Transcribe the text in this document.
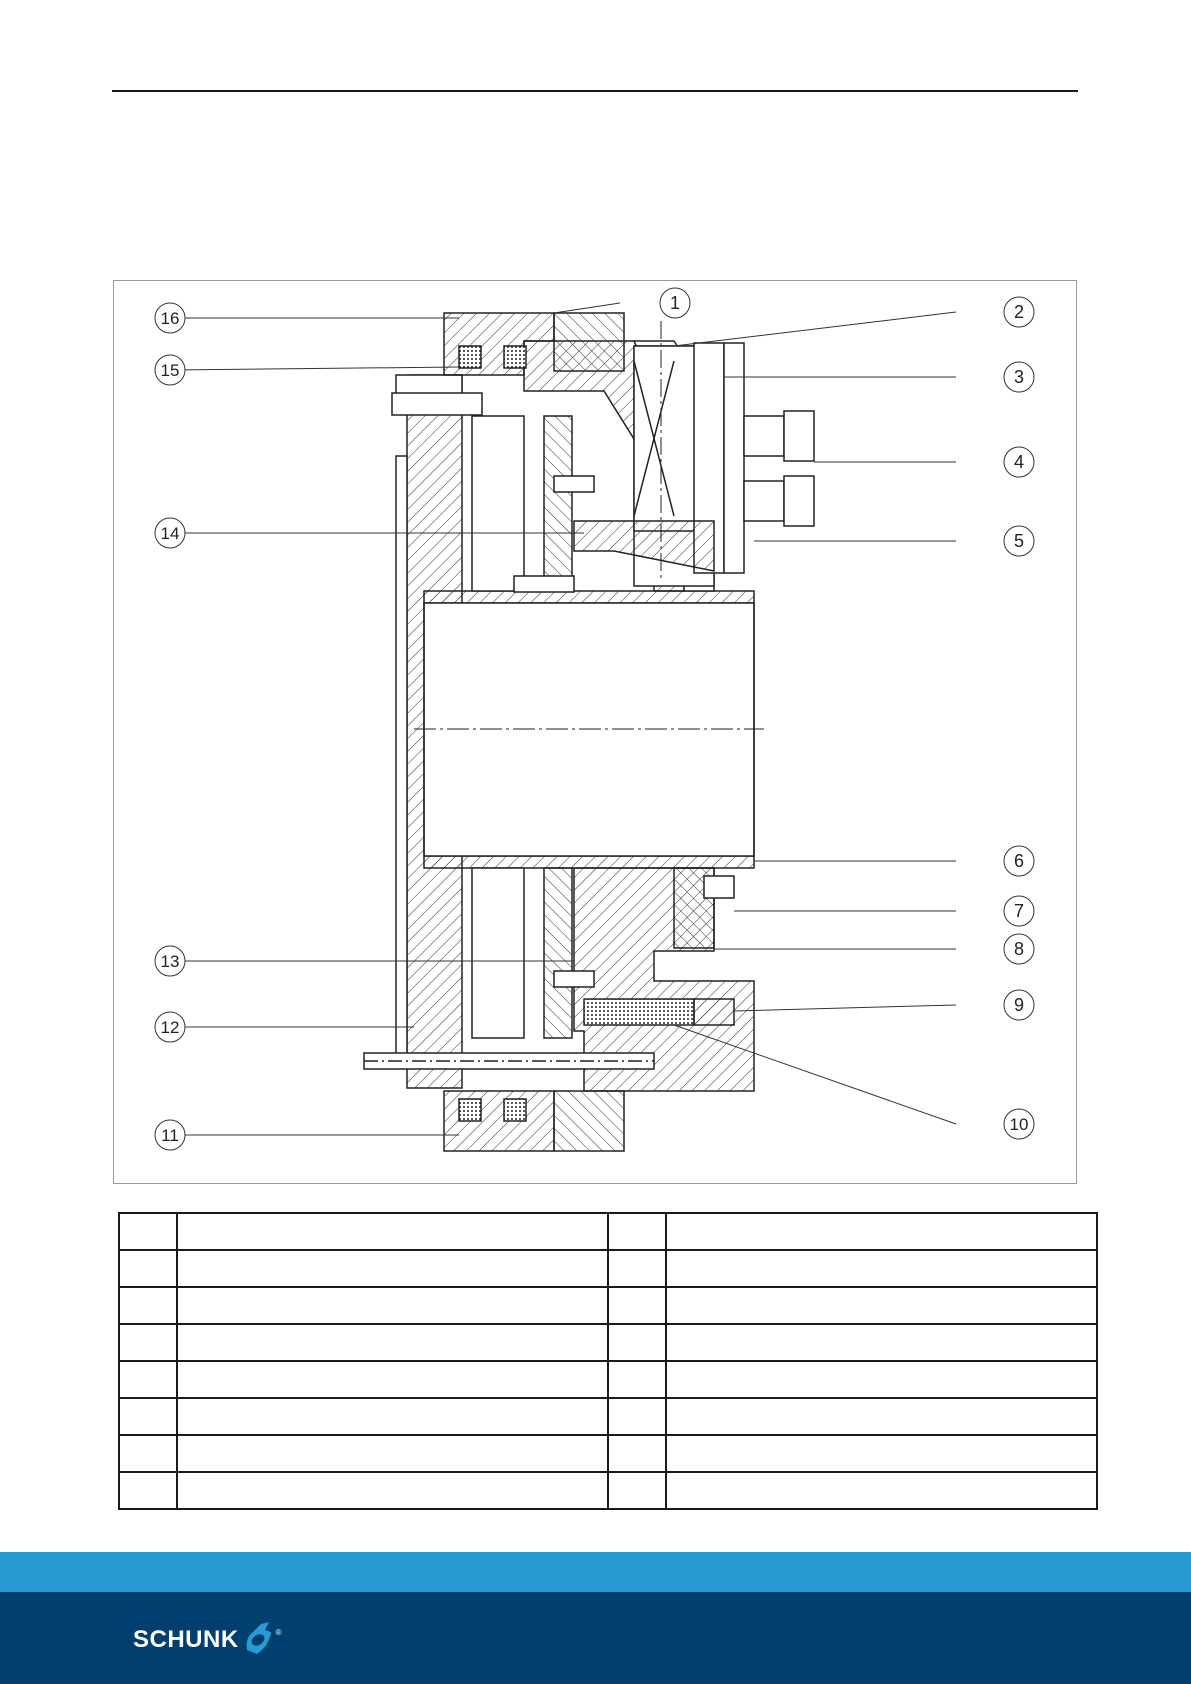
1	2
3
4
5
6
7
8
9
10
11
12
13
14
15
16

SCHUNK	®
